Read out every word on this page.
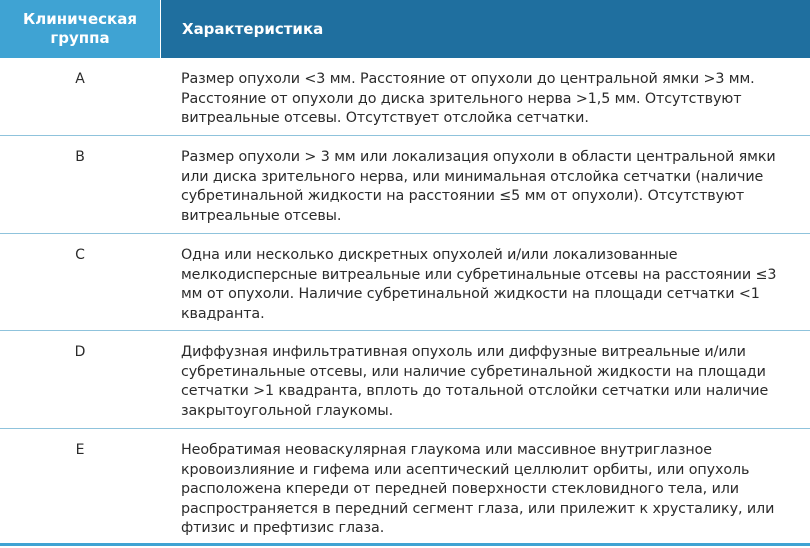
Клиническая группа	Характеристика
A	Размер опухоли <3 мм. Расстояние от опухоли до центральной ямки >3 мм. Расстояние от опухоли до диска зрительного нерва >1,5 мм. Отсутствуют витреальные отсевы. Отсутствует отслойка сетчатки.
B	Размер опухоли > 3 мм или локализация опухоли в области центральной ямки или диска зрительного нерва, или минимальная отслойка сетчатки (наличие субретинальной жидкости на расстоянии ≤5 мм от опухоли). Отсутствуют витреальные отсевы.
C	Одна или несколько дискретных опухолей и/или локализованные мелкодисперсные витреальные или субретинальные отсевы на расстоянии ≤3 мм от опухоли. Наличие субретинальной жидкости на площади сетчатки <1 квадранта.
D	Диффузная инфильтративная опухоль или диффузные витреальные и/или субретинальные отсевы, или наличие субретинальной жидкости на площади сетчатки >1 квадранта, вплоть до тотальной отслойки сетчатки или наличие закрытоугольной глаукомы.
E	Необратимая неоваскулярная глаукома или массивное внутриглазное кровоизлияние и гифема или асептический целлюлит орбиты, или опухоль расположена кпереди от передней поверхности стекловидного тела, или распространяется в передний сегмент глаза, или прилежит к хрусталику, или фтизис и префтизис глаза.
